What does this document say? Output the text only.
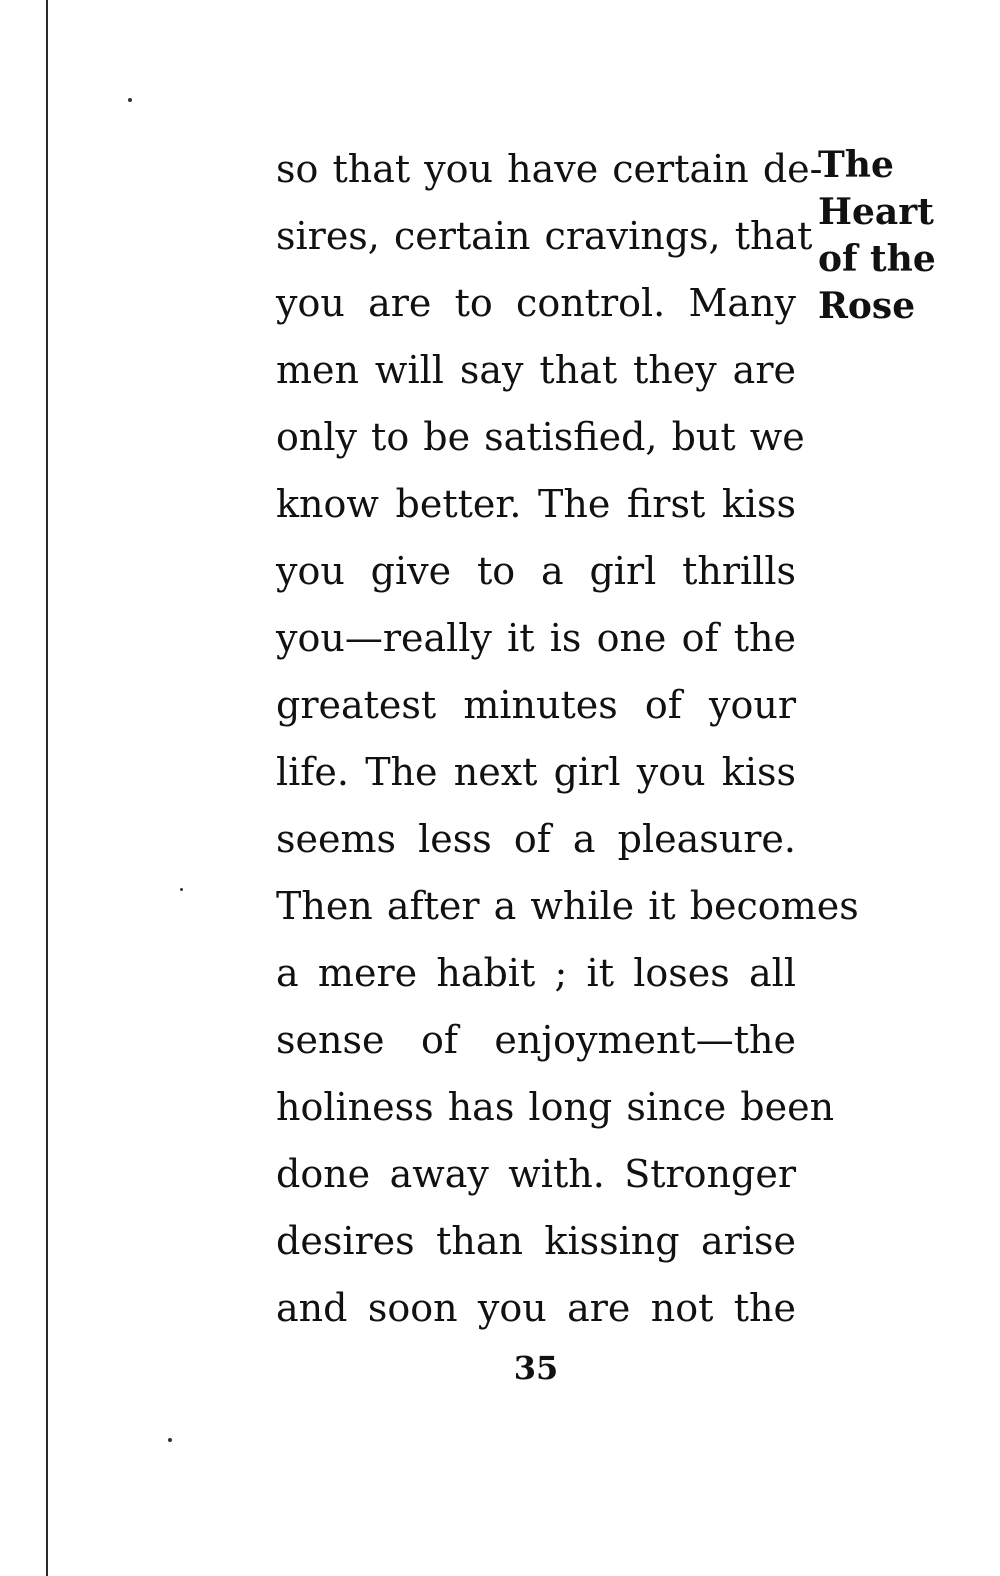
The
Heart
of the
Rose
so that you have certain de-
sires, certain cravings, that
you are to control. Many
men will say that they are
only to be satisfied, but we
know better. The first kiss
you give to a girl thrills
you—really it is one of the
greatest minutes of your
life. The next girl you kiss
seems less of a pleasure.
Then after a while it becomes
a mere habit ; it loses all
sense of enjoyment—the
holiness has long since been
done away with. Stronger
desires than kissing arise
and soon you are not the
35
